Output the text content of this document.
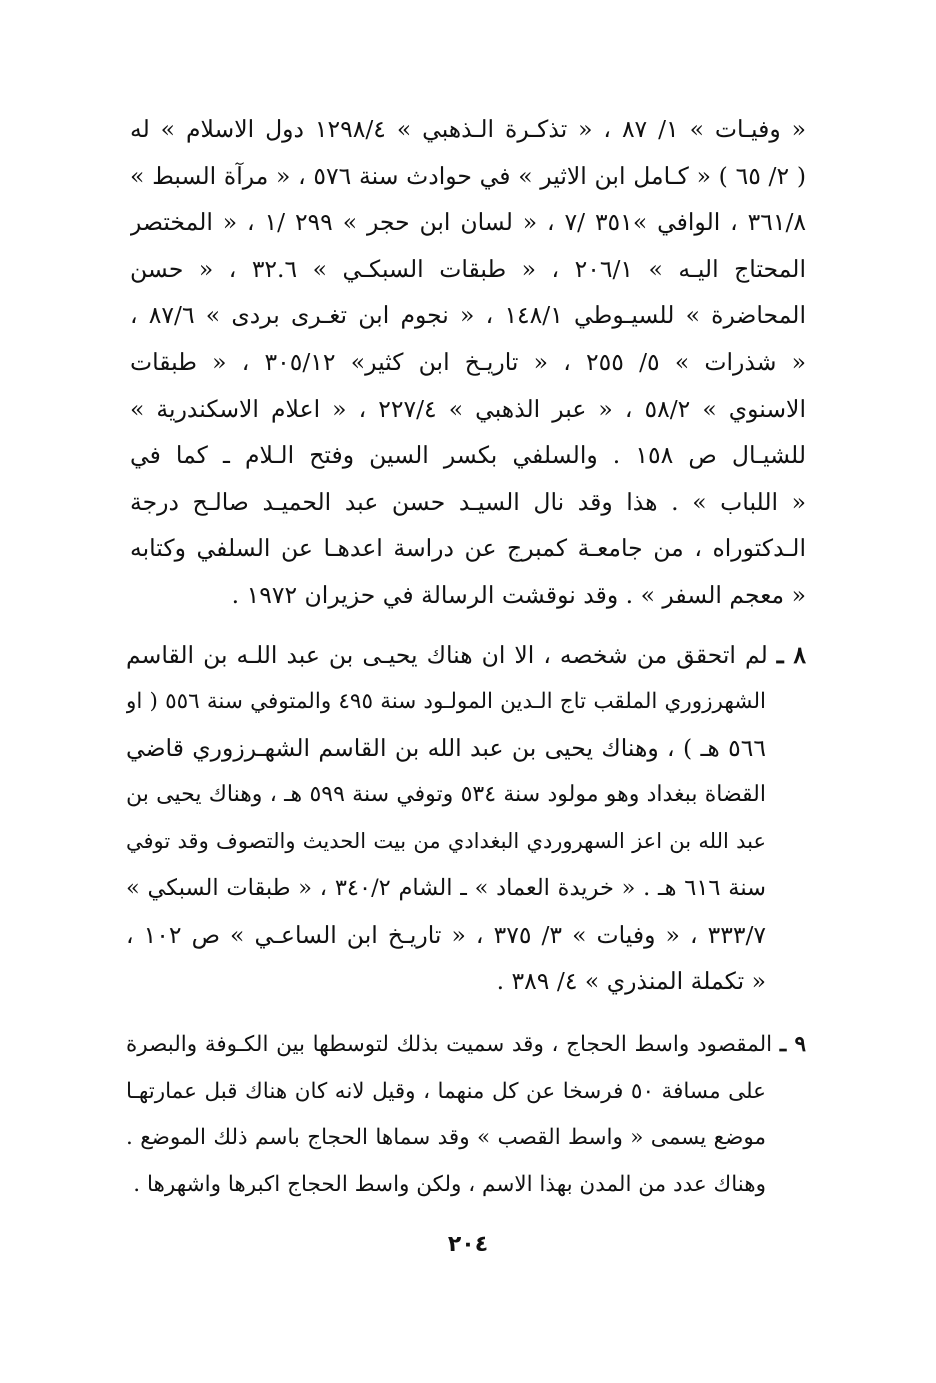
« وفيـات » ١/ ٨٧ ، « تذكـرة الـذهبي » ١٢٩٨/٤ دول الاسلام » له
( ٢/ ٦٥ ) « كـامل ابن الاثير » في حوادث سنة ٥٧٦ ، « مرآة السبط »
٣٦١/٨ ، الوافي »٣٥١ /٧ ، « لسان ابن حجر » ٢٩٩ /١ ، « المختصر
المحتاج اليـه » ٢٠٦/١ ، « طبقات السبكـي » ٣٢.٦ ، « حسن
المحاضرة » للسيـوطي ١٤٨/١ ، « نجوم ابن تغـرى بردى » ٨٧/٦ ،
« شذرات » ٥/ ٢٥٥ ، « تاريـخ ابن كثير» ٣٠٥/١٢ ، « طبقات
الاسنوي » ٥٨/٢ ، « عبر الذهبي » ٢٢٧/٤ ، « اعلام الاسكندرية »
للشيـال ص ١٥٨ . والسلفي بكسر السين وفتح الـلام ـ كما في
« اللباب » . هذا وقد نال السيـد حسن عبد الحميـد صالـح درجة
الـدكتوراه ، من جامعـة كمبرج عن دراسة اعدهـا عن السلفي وكتابه
« معجم السفر » . وقد نوقشت الرسالة في حزيران ١٩٧٢ .
٨ ـ لم اتحقق من شخصه ، الا ان هناك يحيـى بن عبد اللـه بن القاسم
الشهرزوري الملقب تاج الـدين المولـود سنة ٤٩٥ والمتوفي سنة ٥٥٦ ( او
٥٦٦ هـ ) ، وهناك يحيى بن عبد الله بن القاسم الشهـرزوري قاضي
القضاة ببغداد وهو مولود سنة ٥٣٤ وتوفي سنة ٥٩٩ هـ ، وهناك يحيى بن
عبد الله بن اعز السهروردي البغدادي من بيت الحديث والتصوف وقد توفي
سنة ٦١٦ هـ . « خريدة العماد » ـ الشام ٣٤٠/٢ ، « طبقات السبكي »
٣٣٣/٧ ، « وفيات » ٣/ ٣٧٥ ، « تاريـخ ابن الساعـي » ص ١٠٢ ،
« تكملة المنذري » ٤/ ٣٨٩ .
٩ ـ المقصود واسط الحجاج ، وقد سميت بذلك لتوسطها بين الكـوفة والبصرة
على مسافة ٥٠ فرسخا عن كل منهما ، وقيل لانه كان هناك قبل عمارتهـا
موضع يسمى « واسط القصب » وقد سماها الحجاج باسم ذلك الموضع .
وهناك عدد من المدن بهذا الاسم ، ولكن واسط الحجاج اكبرها واشهرها .
٢٠٤
